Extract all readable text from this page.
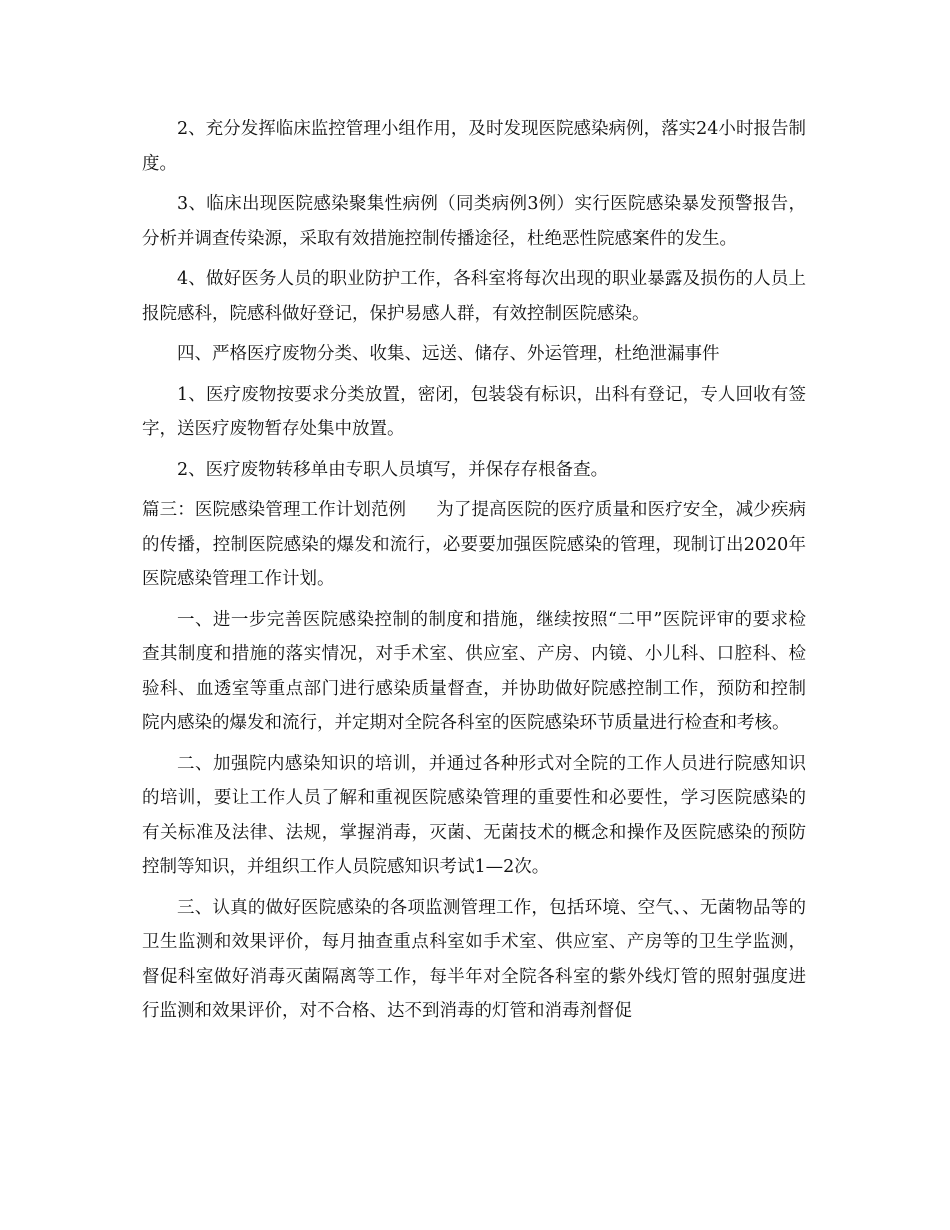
2、充分发挥临床监控管理小组作用，及时发现医院感染病例，落实24小时报告制度。

3、临床出现医院感染聚集性病例（同类病例3例）实行医院感染暴发预警报告，分析并调查传染源，采取有效措施控制传播途径，杜绝恶性院感案件的发生。

4、做好医务人员的职业防护工作，各科室将每次出现的职业暴露及损伤的人员上报院感科，院感科做好登记，保护易感人群，有效控制医院感染。

四、严格医疗废物分类、收集、远送、储存、外运管理，杜绝泄漏事件

1、医疗废物按要求分类放置，密闭，包装袋有标识，出科有登记，专人回收有签字，送医疗废物暂存处集中放置。

2、医疗废物转移单由专职人员填写，并保存存根备查。

篇三：医院感染管理工作计划范例 为了提高医院的医疗质量和医疗安全，减少疾病的传播，控制医院感染的爆发和流行，必要要加强医院感染的管理，现制订出2020年医院感染管理工作计划。

一、进一步完善医院感染控制的制度和措施，继续按照“二甲”医院评审的要求检查其制度和措施的落实情况，对手术室、供应室、产房、内镜、小儿科、口腔科、检验科、血透室等重点部门进行感染质量督查，并协助做好院感控制工作，预防和控制院内感染的爆发和流行，并定期对全院各科室的医院感染环节质量进行检查和考核。

二、加强院内感染知识的培训，并通过各种形式对全院的工作人员进行院感知识的培训，要让工作人员了解和重视医院感染管理的重要性和必要性，学习医院感染的有关标准及法律、法规，掌握消毒，灭菌、无菌技术的概念和操作及医院感染的预防控制等知识，并组织工作人员院感知识考试1—2次。

三、认真的做好医院感染的各项监测管理工作，包括环境、空气、、无菌物品等的卫生监测和效果评价，每月抽查重点科室如手术室、供应室、产房等的卫生学监测，督促科室做好消毒灭菌隔离等工作，每半年对全院各科室的紫外线灯管的照射强度进行监测和效果评价，对不合格、达不到消毒的灯管和消毒剂督促
